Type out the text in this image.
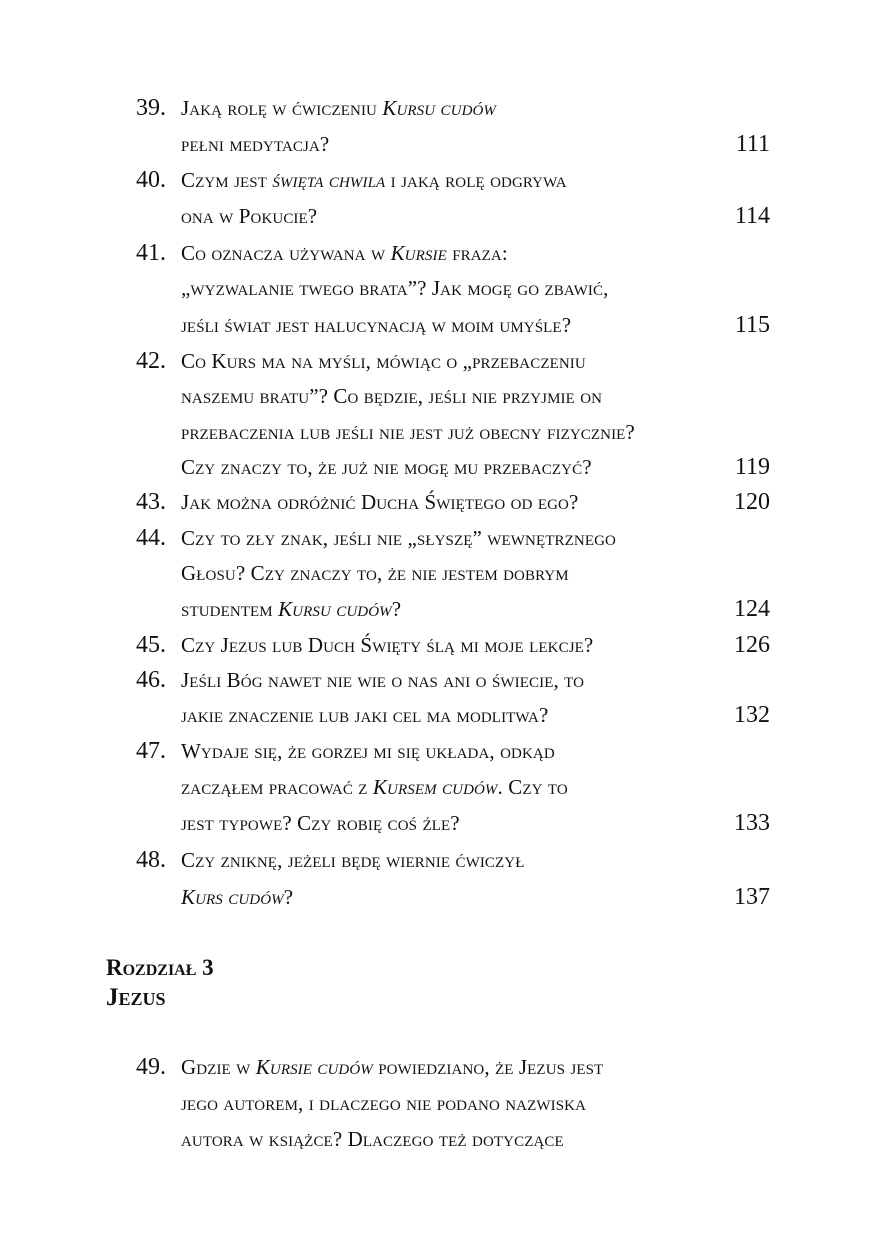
39. Jaką rolę w ćwiczeniu Kursu cudów
pełni medytacja?	111
40. Czym jest święta chwila i jaką rolę odgrywa
ona w Pokucie?	114
41. Co oznacza używana w Kursie fraza:
„wyzwalanie twego brata”? Jak mogę go zbawić,
jeśli świat jest halucynacją w moim umyśle?	115
42. Co Kurs ma na myśli, mówiąc o „przebaczeniu
naszemu bratu”? Co będzie, jeśli nie przyjmie on
przebaczenia lub jeśli nie jest już obecny fizycznie?
Czy znaczy to, że już nie mogę mu przebaczyć?	119
43. Jak można odróżnić Ducha Świętego od ego?	120
44. Czy to zły znak, jeśli nie „słyszę” wewnętrznego
Głosu? Czy znaczy to, że nie jestem dobrym
studentem Kursu cudów?	124
45. Czy Jezus lub Duch Święty ślą mi moje lekcje?	126
46. Jeśli Bóg nawet nie wie o nas ani o świecie, to
jakie znaczenie lub jaki cel ma modlitwa?	132
47. Wydaje się, że gorzej mi się układa, odkąd
zacząłem pracować z Kursem cudów. Czy to
jest typowe? Czy robię coś źle?	133
48. Czy zniknę, jeżeli będę wiernie ćwiczył
Kurs cudów?	137
Rozdział 3
Jezus
49. Gdzie w Kursie cudów powiedziano, że Jezus jest
jego autorem, i dlaczego nie podano nazwiska
autora w książce? Dlaczego też dotyczące
